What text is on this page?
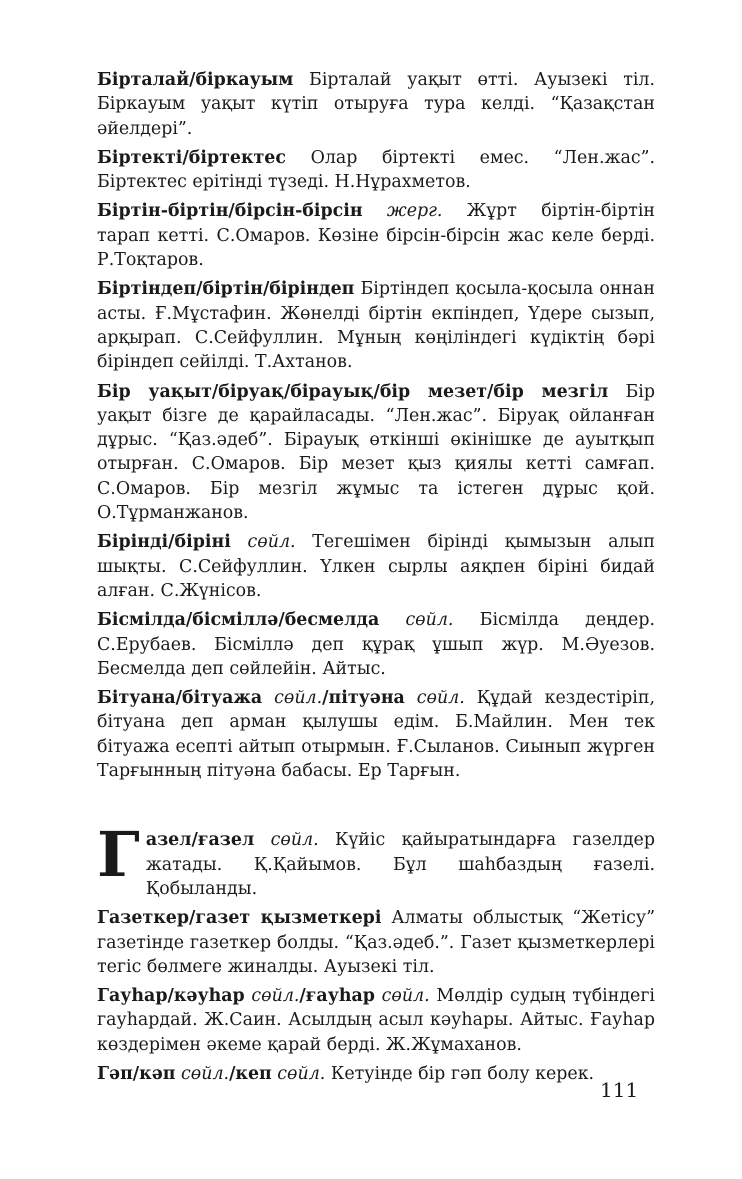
Бірталай/біркауым Бірталай уақыт өтті. Ауызекі тіл. Біркауым уақыт күтіп отыруға тура келді. “Қазақстан әйелдері”.

Біртекті/біртектес Олар біртекті емес. “Лен.жас”. Біртектес ерітінді түзеді. Н.Нұрахметов.

Біртін-біртін/бірсін-бірсін жерг. Жұрт біртін-біртін тарап кетті. С.Омаров. Көзіне бірсін-бірсін жас келе берді. Р.Тоқтаров.

Біртіндеп/біртін/біріндеп Біртіндеп қосыла-қосыла оннан асты. Ғ.Мұстафин. Жөнелді біртін екпіндеп, Үдере сызып, арқырап. С.Сейфуллин. Мұның көңіліндегі күдіктің бәрі біріндеп сейілді. Т.Ахтанов.

Бір уақыт/біруақ/бірауық/бір мезет/бір мезгіл Бір уақыт бізге де қарайласады. “Лен.жас”. Біруақ ойланған дұрыс. “Қаз.әдеб”. Бірауық өткінші өкінішке де ауытқып отырған. С.Омаров. Бір мезет қыз қиялы кетті самғап. С.Омаров. Бір мезгіл жұмыс та істеген дұрыс қой. О.Тұрманжанов.

Бірінді/біріні сөйл. Тегешімен бірінді қымызын алып шықты. С.Сейфуллин. Үлкен сырлы аяқпен біріні бидай алған. С.Жүнісов.

Бісмілда/бісміллә/бесмелда сөйл. Бісмілда деңдер. С.Ерубаев. Бісміллә деп құрақ ұшып жүр. М.Әуезов. Бесмелда деп сөйлейін. Айтыс.

Бітуана/бітуажа сөйл./пітуәна сөйл. Құдай кездестіріп, бітуана деп арман қылушы едім. Б.Майлин. Мен тек бітуажа есепті айтып отырмын. Ғ.Сыланов. Сиынып жүрген Тарғынның пітуәна бабасы. Ер Тарғын.

Газел/ғазел сөйл. Күйіс қайыратындарға газелдер жатады. Қ.Қайымов. Бұл шаһбаздың ғазелі. Қобыланды.

Газеткер/газет қызметкері Алматы облыстық “Жетісу” газетінде газеткер болды. “Қаз.әдеб.”. Газет қызметкерлері тегіс бөлмеге жиналды. Ауызекі тіл.

Гауһар/кәуһар сөйл./ғауһар сөйл. Мөлдір судың түбіндегі гауһардай. Ж.Саин. Асылдың асыл кәуһары. Айтыс. Ғауһар көздерімен әкеме қарай берді. Ж.Жұмаханов.

Гәп/кәп сөйл./кеп сөйл. Кетуінде бір гәп болу керек.

111
